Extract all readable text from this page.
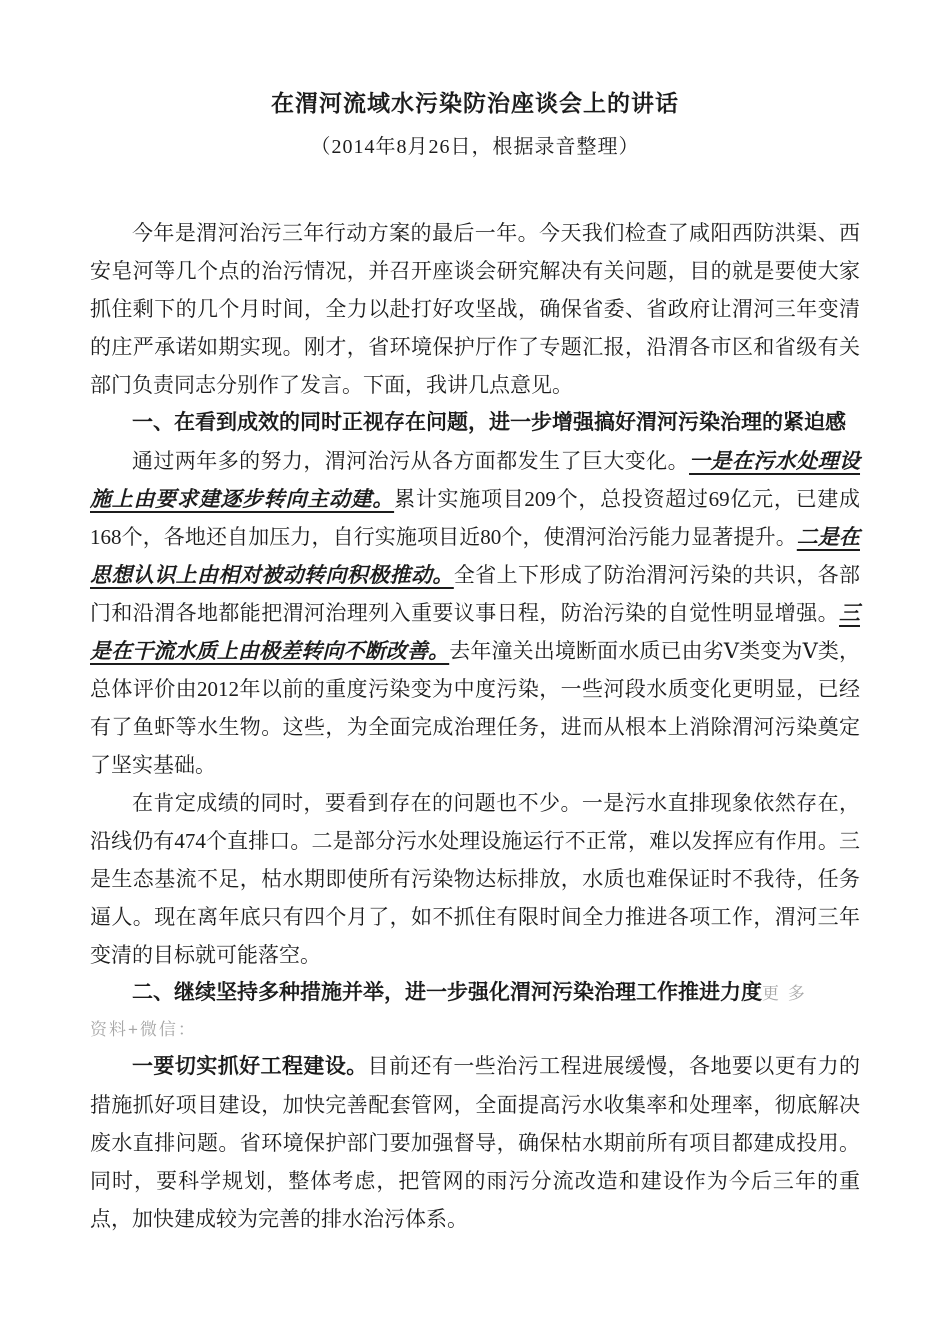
在渭河流域水污染防治座谈会上的讲话
（2014年8月26日，根据录音整理）

今年是渭河治污三年行动方案的最后一年。今天我们检查了咸阳西防洪渠、西安皂河等几个点的治污情况，并召开座谈会研究解决有关问题，目的就是要使大家抓住剩下的几个月时间，全力以赴打好攻坚战，确保省委、省政府让渭河三年变清的庄严承诺如期实现。刚才，省环境保护厅作了专题汇报，沿渭各市区和省级有关部门负责同志分别作了发言。下面，我讲几点意见。

一、在看到成效的同时正视存在问题，进一步增强搞好渭河污染治理的紧迫感

通过两年多的努力，渭河治污从各方面都发生了巨大变化。一是在污水处理设施上由要求建逐步转向主动建。累计实施项目209个，总投资超过69亿元，已建成168个，各地还自加压力，自行实施项目近80个，使渭河治污能力显著提升。二是在思想认识上由相对被动转向积极推动。全省上下形成了防治渭河污染的共识，各部门和沿渭各地都能把渭河治理列入重要议事日程，防治污染的自觉性明显增强。三是在干流水质上由极差转向不断改善。去年潼关出境断面水质已由劣Ⅴ类变为Ⅴ类，总体评价由2012年以前的重度污染变为中度污染，一些河段水质变化更明显，已经有了鱼虾等水生物。这些，为全面完成治理任务，进而从根本上消除渭河污染奠定了坚实基础。

在肯定成绩的同时，要看到存在的问题也不少。一是污水直排现象依然存在，沿线仍有474个直排口。二是部分污水处理设施运行不正常，难以发挥应有作用。三是生态基流不足，枯水期即使所有污染物达标排放，水质也难保证时不我待，任务逼人。现在离年底只有四个月了，如不抓住有限时间全力推进各项工作，渭河三年变清的目标就可能落空。

二、继续坚持多种措施并举，进一步强化渭河污染治理工作推进力度更 多

资料+微信：

一要切实抓好工程建设。目前还有一些治污工程进展缓慢，各地要以更有力的措施抓好项目建设，加快完善配套管网，全面提高污水收集率和处理率，彻底解决废水直排问题。省环境保护部门要加强督导，确保枯水期前所有项目都建成投用。同时，要科学规划，整体考虑，把管网的雨污分流改造和建设作为今后三年的重点，加快建成较为完善的排水治污体系。
